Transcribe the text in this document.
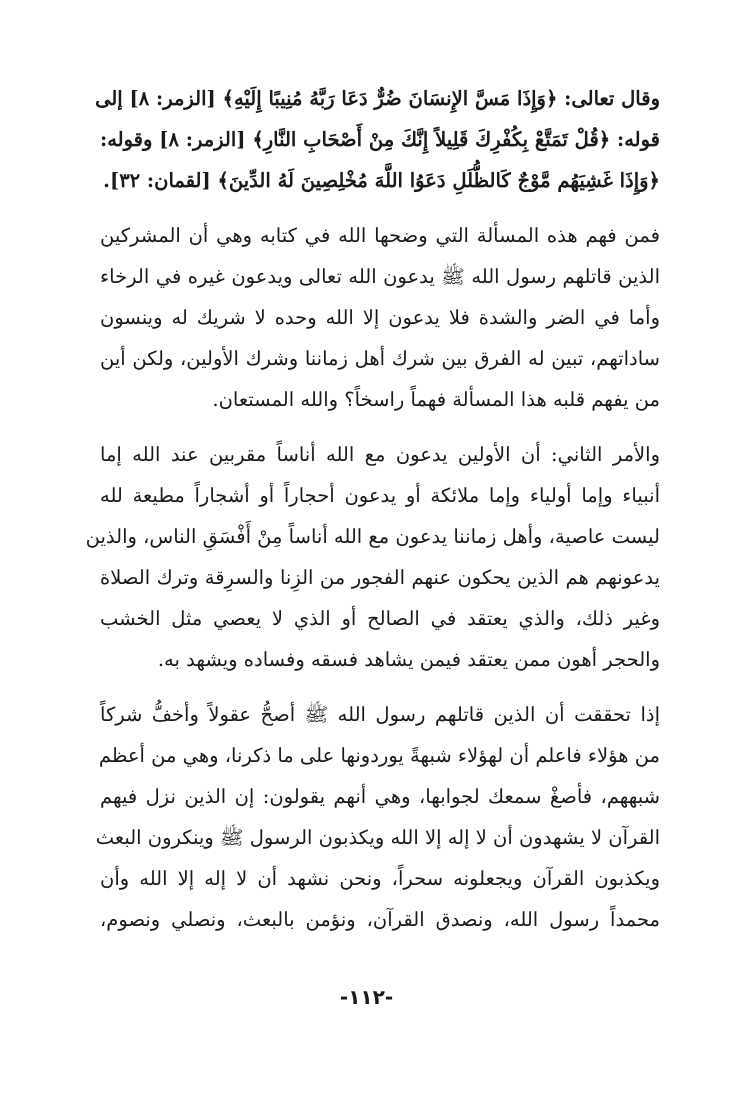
وقال تعالى: ﴿وَإِذَا مَسَّ الإِنسَانَ ضُرٌّ دَعَا رَبَّهُ مُنِيبًا إِلَيْهِ﴾ [الزمر: ٨] إلى
قوله: ﴿قُلْ تَمَتَّعْ بِكُفْرِكَ قَلِيلاً إِنَّكَ مِنْ أَصْحَابِ النَّارِ﴾ [الزمر: ٨] وقوله:
﴿وَإِذَا غَشِيَهُم مَّوْجٌ كَالظُّلَلِ دَعَوُا اللَّهَ مُخْلِصِينَ لَهُ الدِّينَ﴾ [لقمان: ٣٢].
فمن فهم هذه المسألة التي وضحها الله في كتابه وهي أن المشركين
الذين قاتلهم رسول الله ﷺ يدعون الله تعالى ويدعون غيره في الرخاء
وأما في الضر والشدة فلا يدعون إلا الله وحده لا شريك له وينسون
ساداتهم، تبين له الفرق بين شرك أهل زماننا وشرك الأولين، ولكن أين
من يفهم قلبه هذا المسألة فهماً راسخاً؟ والله المستعان.
والأمر الثاني: أن الأولين يدعون مع الله أناساً مقربين عند الله إما
أنبياء وإما أولياء وإما ملائكة أو يدعون أحجاراً أو أشجاراً مطيعة لله
ليست عاصية، وأهل زماننا يدعون مع الله أناساً مِنْ أَفْسَقِ الناس، والذين
يدعونهم هم الذين يحكون عنهم الفجور من الزِنا والسرِقة وترك الصلاة
وغير ذلك، والذي يعتقد في الصالح أو الذي لا يعصي مثل الخشب
والحجر أهون ممن يعتقد فيمن يشاهد فسقه وفساده ويشهد به.
إذا تحققت أن الذين قاتلهم رسول الله ﷺ أصحُّ عقولاً وأخفُّ شركاً
من هؤلاء فاعلم أن لهؤلاء شبهةً يوردونها على ما ذكرنا، وهي من أعظم
شبههم، فأصغْ سمعك لجوابها، وهي أنهم يقولون: إن الذين نزل فيهم
القرآن لا يشهدون أن لا إله إلا الله ويكذبون الرسول ﷺ وينكرون البعث
ويكذبون القرآن ويجعلونه سحراً، ونحن نشهد أن لا إله إلا الله وأن
محمداً رسول الله، ونصدق القرآن، ونؤمن بالبعث، ونصلي ونصوم،
-١١٢-
